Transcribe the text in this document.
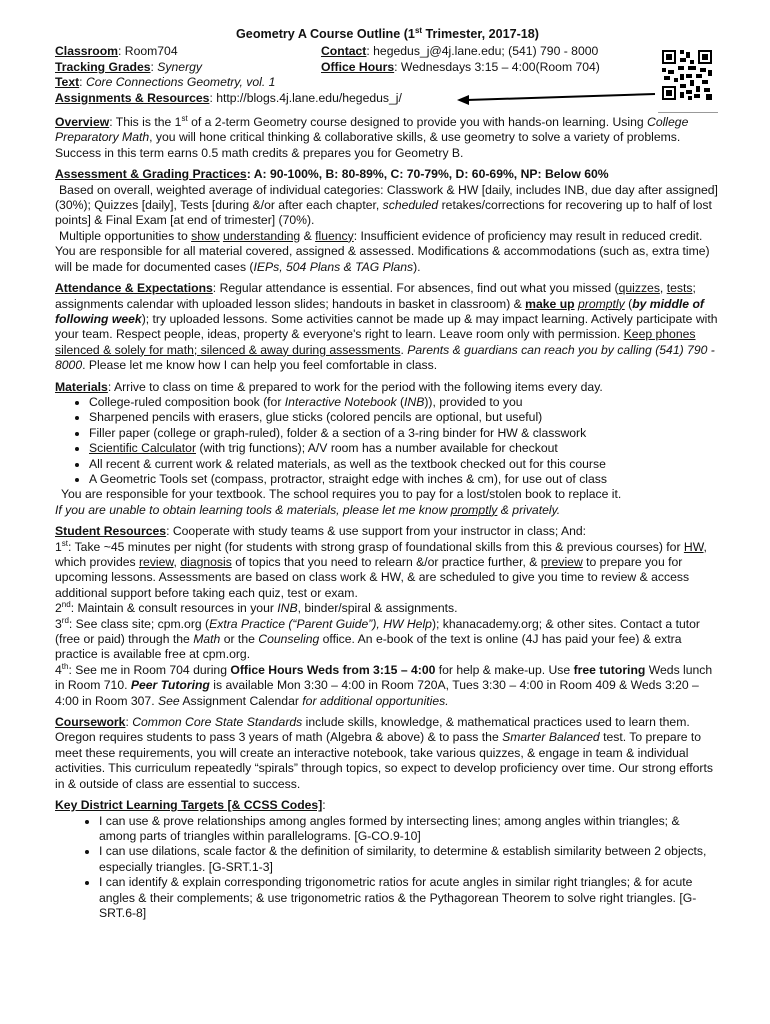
Geometry A Course Outline (1st Trimester, 2017-18)
Classroom: Room704	Contact: hegedus_j@4j.lane.edu; (541) 790 - 8000
Tracking Grades: Synergy	Office Hours: Wednesdays 3:15 – 4:00(Room 704)
Text: Core Connections Geometry, vol. 1
Assignments & Resources: http://blogs.4j.lane.edu/hegedus_j/

Overview: This is the 1st of a 2-term Geometry course designed to provide you with hands-on learning. Using College Preparatory Math, you will hone critical thinking & collaborative skills, & use geometry to solve a variety of problems. Success in this term earns 0.5 math credits & prepares you for Geometry B.

Assessment & Grading Practices: A: 90-100%, B: 80-89%, C: 70-79%, D: 60-69%, NP: Below 60%

Based on overall, weighted average of individual categories: Classwork & HW [daily, includes INB, due day after assigned] (30%); Quizzes [daily], Tests [during &/or after each chapter, scheduled retakes/corrections for recovering up to half of lost points] & Final Exam [at end of trimester] (70%).

Multiple opportunities to show understanding & fluency: Insufficient evidence of proficiency may result in reduced credit. You are responsible for all material covered, assigned & assessed. Modifications & accommodations (such as, extra time) will be made for documented cases (IEPs, 504 Plans & TAG Plans).

Attendance & Expectations: Regular attendance is essential. For absences, find out what you missed (quizzes, tests; assignments calendar with uploaded lesson slides; handouts in basket in classroom) & make up promptly (by middle of following week); try uploaded lessons. Some activities cannot be made up & may impact learning. Actively participate with your team. Respect people, ideas, property & everyone's right to learn. Leave room only with permission. Keep phones silenced & solely for math; silenced & away during assessments. Parents & guardians can reach you by calling (541) 790 - 8000. Please let me know how I can help you feel comfortable in class.

Materials: Arrive to class on time & prepared to work for the period with the following items every day.

• College-ruled composition book (for Interactive Notebook (INB)), provided to you
• Sharpened pencils with erasers, glue sticks (colored pencils are optional, but useful)
• Filler paper (college or graph-ruled), folder & a section of a 3-ring binder for HW & classwork
• Scientific Calculator (with trig functions); A/V room has a number available for checkout
• All recent & current work & related materials, as well as the textbook checked out for this course
• A Geometric Tools set (compass, protractor, straight edge with inches & cm), for use out of class

You are responsible for your textbook. The school requires you to pay for a lost/stolen book to replace it.

If you are unable to obtain learning tools & materials, please let me know promptly & privately.

Student Resources: Cooperate with study teams & use support from your instructor in class; And:

1st: Take ~45 minutes per night (for students with strong grasp of foundational skills from this & previous courses) for HW, which provides review, diagnosis of topics that you need to relearn &/or practice further, & preview to prepare you for upcoming lessons. Assessments are based on class work & HW, & are scheduled to give you time to review & access additional support before taking each quiz, test or exam.

2nd: Maintain & consult resources in your INB, binder/spiral & assignments.

3rd: See class site; cpm.org (Extra Practice (“Parent Guide”), HW Help); khanacademy.org; & other sites. Contact a tutor (free or paid) through the Math or the Counseling office. An e-book of the text is online (4J has paid your fee) & extra practice is available free at cpm.org.

4th: See me in Room 704 during Office Hours Weds from 3:15 – 4:00 for help & make-up. Use free tutoring Weds lunch in Room 710. Peer Tutoring is available Mon 3:30 – 4:00 in Room 720A, Tues 3:30 – 4:00 in Room 409 & Weds 3:20 – 4:00 in Room 307. See Assignment Calendar for additional opportunities.

Coursework: Common Core State Standards include skills, knowledge, & mathematical practices used to learn them. Oregon requires students to pass 3 years of math (Algebra & above) & to pass the Smarter Balanced test. To prepare to meet these requirements, you will create an interactive notebook, take various quizzes, & engage in team & individual activities. This curriculum repeatedly “spirals” through topics, so expect to develop proficiency over time. Our strong efforts in & outside of class are essential to success.

Key District Learning Targets [& CCSS Codes]:

• I can use & prove relationships among angles formed by intersecting lines; among angles within triangles; & among parts of triangles within parallelograms. [G-CO.9-10]
• I can use dilations, scale factor & the definition of similarity, to determine & establish similarity between 2 objects, especially triangles. [G-SRT.1-3]
• I can identify & explain corresponding trigonometric ratios for acute angles in similar right triangles; & for acute angles & their complements; & use trigonometric ratios & the Pythagorean Theorem to solve right triangles. [G-SRT.6-8]
